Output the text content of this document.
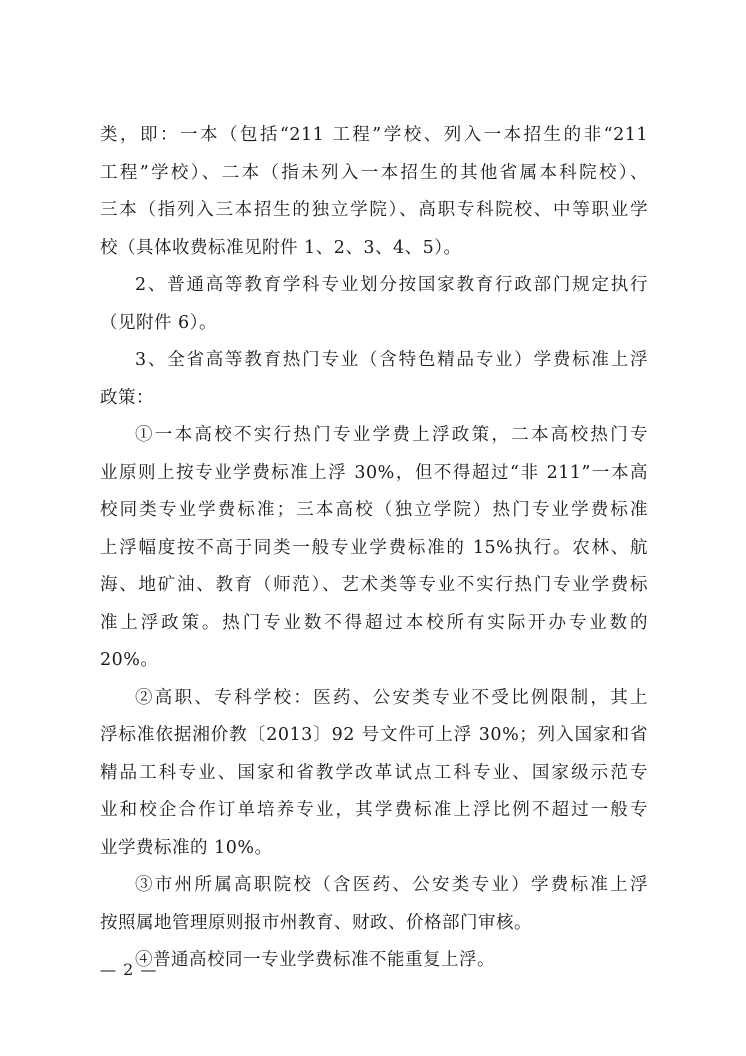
类，即：一本（包括“211 工程”学校、列入一本招生的非“211
工程”学校）、二本（指未列入一本招生的其他省属本科院校）、
三本（指列入三本招生的独立学院）、高职专科院校、中等职业学
校（具体收费标准见附件 1、2、3、4、5）。
2、普通高等教育学科专业划分按国家教育行政部门规定执行
（见附件 6）。
3、全省高等教育热门专业（含特色精品专业）学费标准上浮
政策：
①一本高校不实行热门专业学费上浮政策，二本高校热门专
业原则上按专业学费标准上浮 30%，但不得超过“非 211”一本高
校同类专业学费标准；三本高校（独立学院）热门专业学费标准
上浮幅度按不高于同类一般专业学费标准的 15%执行。农林、航
海、地矿油、教育（师范）、艺术类等专业不实行热门专业学费标
准上浮政策。热门专业数不得超过本校所有实际开办专业数的
20%。
②高职、专科学校：医药、公安类专业不受比例限制，其上
浮标准依据湘价教〔2013〕92 号文件可上浮 30%；列入国家和省
精品工科专业、国家和省教学改革试点工科专业、国家级示范专
业和校企合作订单培养专业，其学费标准上浮比例不超过一般专
业学费标准的 10%。
③市州所属高职院校（含医药、公安类专业）学费标准上浮
按照属地管理原则报市州教育、财政、价格部门审核。
④普通高校同一专业学费标准不能重复上浮。
— 2 —
